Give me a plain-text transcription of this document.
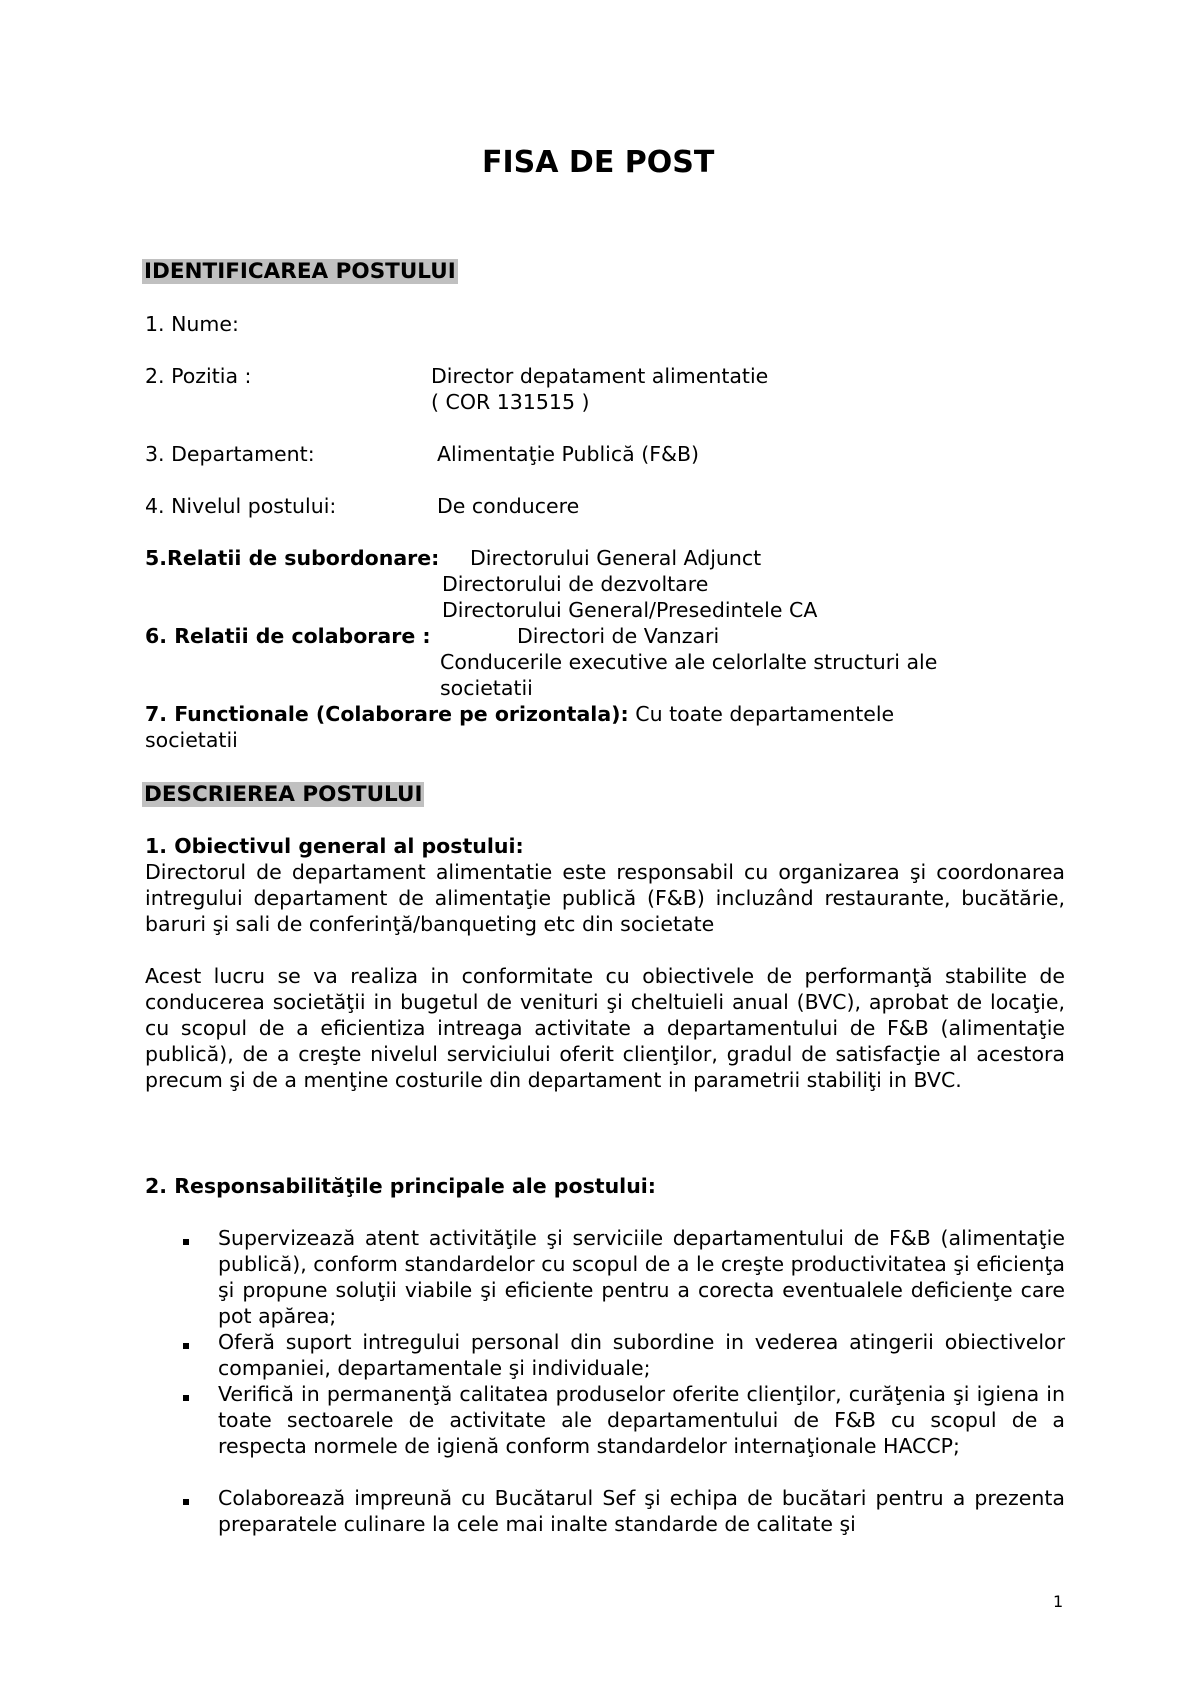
FISA DE POST
IDENTIFICAREA POSTULUI
1. Nume:
2. Pozitia :	Director depatament alimentatie
( COR 131515 )
3. Departament:	Alimentaţie Publică (F&B)
4. Nivelul postului:	De conducere
5.Relatii de subordonare: Directorului General Adjunct
Directorului de dezvoltare
Directorului General/Presedintele CA
6. Relatii de colaborare :	Directori de Vanzari
Conducerile executive ale celorlalte structuri ale
societatii
7. Functionale (Colaborare pe orizontala): Cu toate departamentele
societatii
DESCRIEREA POSTULUI
1. Obiectivul general al postului:
Directorul de departament alimentatie este responsabil cu organizarea şi coordonarea intregului departament de alimentaţie publică (F&B) incluzând restaurante, bucătărie, baruri şi sali de conferinţă/banqueting etc din societate
Acest lucru se va realiza in conformitate cu obiectivele de performanţă stabilite de conducerea societăţii in bugetul de venituri şi cheltuieli anual (BVC), aprobat de locaţie, cu scopul de a eficientiza intreaga activitate a departamentului de F&B (alimentaţie publică), de a creşte nivelul serviciului oferit clienţilor, gradul de satisfacţie al acestora precum şi de a menţine costurile din departament in parametrii stabiliţi in BVC.
2. Responsabilităţile principale ale postului:
Supervizează atent activităţile şi serviciile departamentului de F&B (alimentaţie publică), conform standardelor cu scopul de a le creşte productivitatea şi eficienţa şi propune soluţii viabile şi eficiente pentru a corecta eventualele deficienţe care pot apărea;
Oferă suport intregului personal din subordine in vederea atingerii obiectivelor companiei, departamentale şi individuale;
Verifică in permanenţă calitatea produselor oferite clienţilor, curăţenia şi igiena in toate sectoarele de activitate ale departamentului de F&B cu scopul de a respecta normele de igienă conform standardelor internaţionale HACCP;
Colaborează impreună cu Bucătarul Sef şi echipa de bucătari pentru a prezenta preparatele culinare la cele mai inalte standarde de calitate şi
1
